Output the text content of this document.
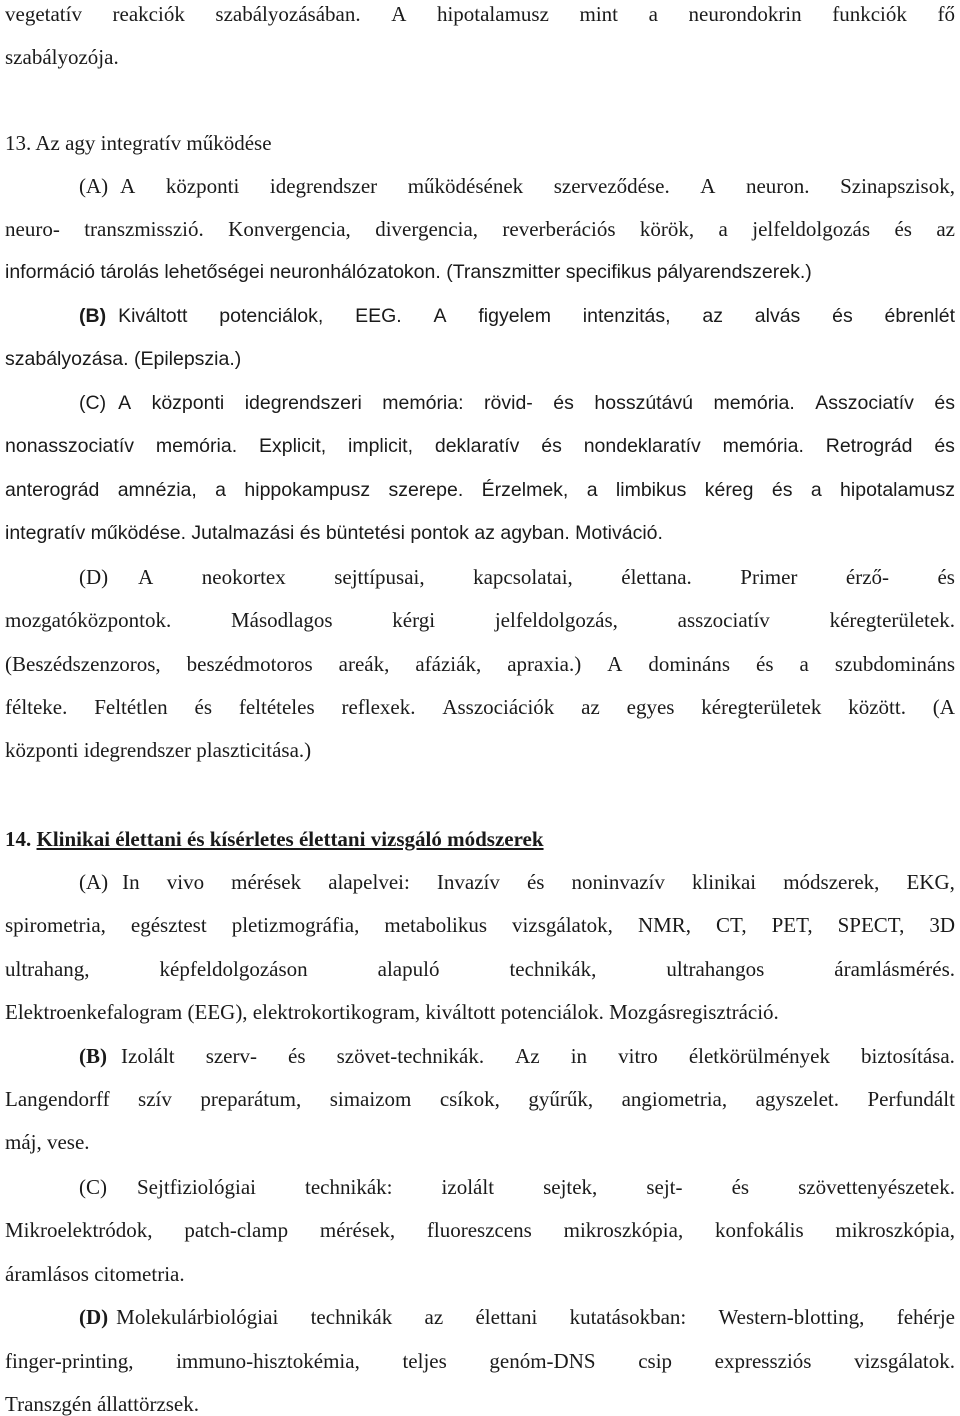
vegetatív reakciók szabályozásában. A hipotalamusz mint a neurondokrin funkciók fő
szabályozója.
13. Az agy integratív működése
(A) A központi idegrendszer működésének szerveződése. A neuron. Szinapszisok,
neuro- transzmisszió. Konvergencia, divergencia, reverberációs körök, a jelfeldolgozás és az
információ tárolás lehetőségei neuronhálózatokon. (Transzmitter specifikus pályarendszerek.)
(B) Kiváltott potenciálok, EEG. A figyelem intenzitás, az alvás és ébrenlét
szabályozása. (Epilepszia.)
(C) A központi idegrendszeri memória: rövid- és hosszútávú memória. Asszociatív és
nonasszociatív memória. Explicit, implicit, deklaratív és nondeklaratív memória. Retrográd és
anterográd amnézia, a hippokampusz szerepe. Érzelmek, a limbikus kéreg és a hipotalamusz
integratív működése. Jutalmazási és büntetési pontok az agyban. Motiváció.
(D) A neokortex sejttípusai, kapcsolatai, élettana. Primer érző- és
mozgatóközpontok.	Másodlagos	kérgi	jelfeldolgozás,	asszociatív	kéregterületek.
(Beszédszenzoros, beszédmotoros areák, afáziák, apraxia.) A domináns és a szubdomináns
félteke. Feltétlen és feltételes reflexek. Asszociációk az egyes kéregterületek között. (A
központi idegrendszer plaszticitása.)
14. Klinikai élettani és kísérletes élettani vizsgáló módszerek
(A) In vivo mérések alapelvei: Invazív és noninvazív klinikai módszerek, EKG,
spirometria, egésztest pletizmográfia, metabolikus vizsgálatok, NMR, CT, PET, SPECT, 3D
ultrahang,	képfeldolgozáson	alapuló	technikák,	ultrahangos	áramlásmérés.
Elektroenkefalogram (EEG), elektrokortikogram, kiváltott potenciálok. Mozgásregisztráció.
(B) Izolált szerv- és szövet-technikák. Az in vitro életkörülmények biztosítása.
Langendorff szív preparátum, simaizom csíkok, gyűrűk, angiometria, agyszelet. Perfundált
máj, vese.
(C) Sejtfiziológiai technikák: izolált sejtek, sejt- és szövettenyészetek.
Mikroelektródok, patch-clamp mérések, fluoreszcens mikroszkópia, konfokális mikroszkópia,
áramlásos citometria.
(D) Molekulárbiológiai technikák az élettani kutatásokban: Western-blotting, fehérje
finger-printing, immuno-hisztokémia, teljes genóm-DNS csip expressziós vizsgálatok.
Transzgén állattörzsek.
